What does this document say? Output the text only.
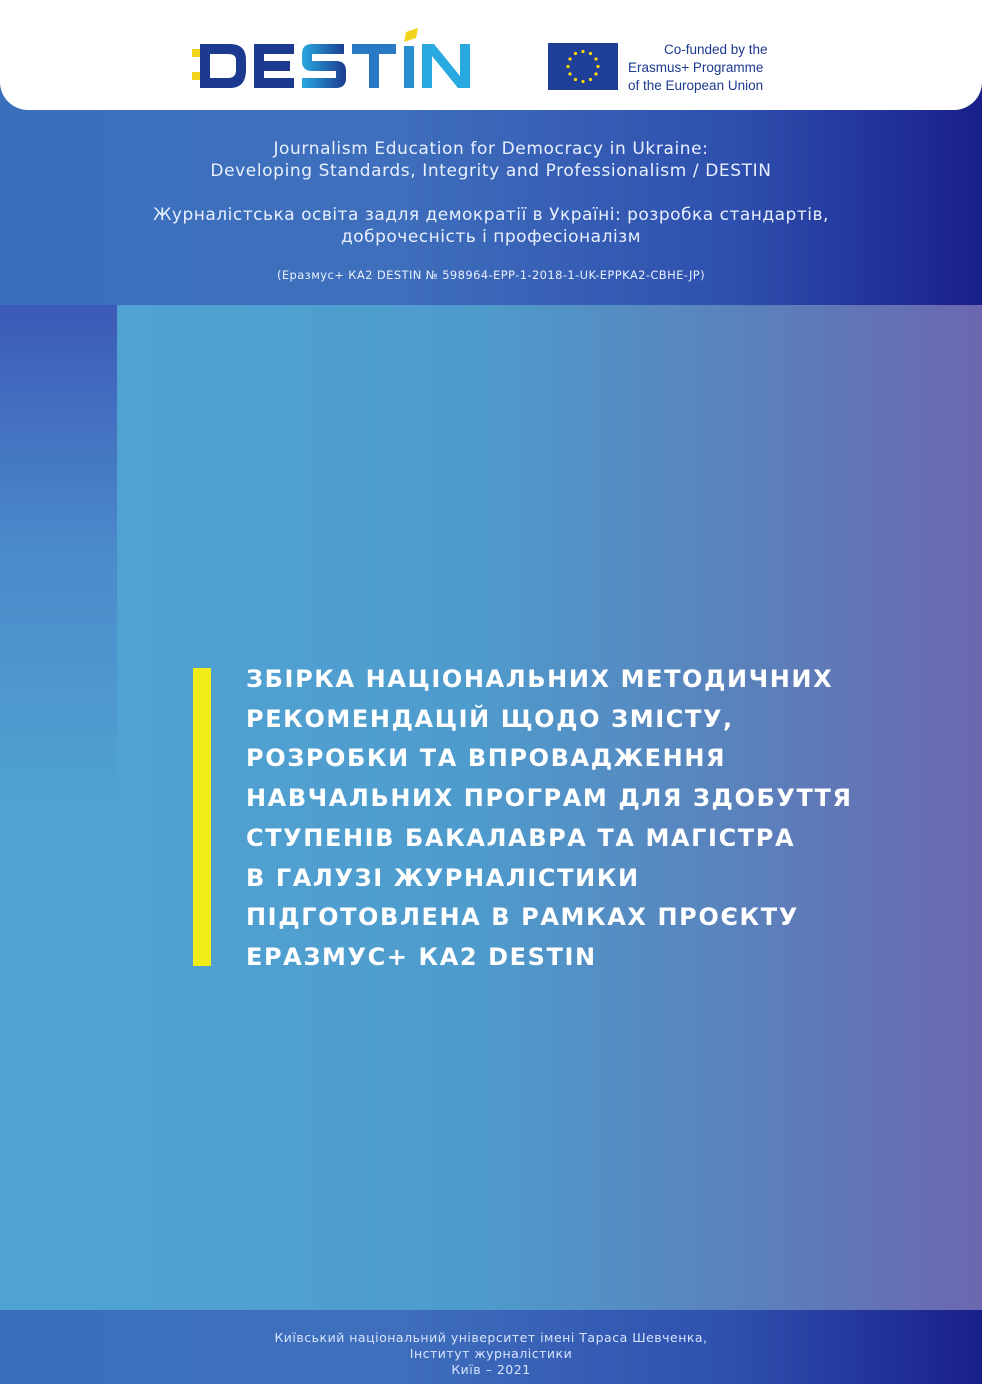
Co-funded by the
Erasmus+ Programme
of the European Union
Journalism Education for Democracy in Ukraine:
Developing Standards, Integrity and Professionalism / DESTIN
Журналістська освіта задля демократії в Україні: розробка стандартів,
доброчесність і професіоналізм
(Еразмус+ КА2 DESTIN № 598964-EPP-1-2018-1-UK-EPPKA2-CBHE-JP)
ЗБІРКА НАЦІОНАЛЬНИХ МЕТОДИЧНИХ
РЕКОМЕНДАЦІЙ ЩОДО ЗМІСТУ,
РОЗРОБКИ ТА ВПРОВАДЖЕННЯ
НАВЧАЛЬНИХ ПРОГРАМ ДЛЯ ЗДОБУТТЯ
СТУПЕНІВ БАКАЛАВРА ТА МАГІСТРА
В ГАЛУЗІ ЖУРНАЛІСТИКИ
ПІДГОТОВЛЕНА В РАМКАХ ПРОЄКТУ
ЕРАЗМУС+ КА2 DESTIN
Київський національний університет імені Тараса Шевченка,
Інститут журналістики
Київ – 2021
